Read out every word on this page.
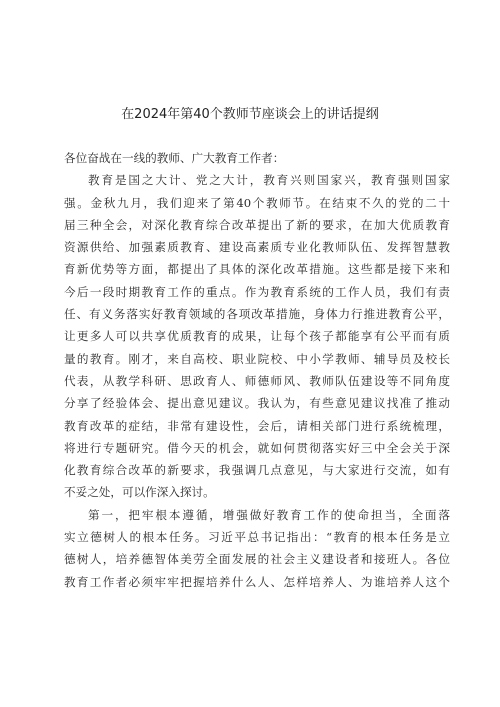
在2024年第40个教师节座谈会上的讲话提纲
各位奋战在一线的教师、广大教育工作者：
教育是国之大计、党之大计，教育兴则国家兴，教育强则国家
强。金秋九月，我们迎来了第40个教师节。在结束不久的党的二十
届三种全会，对深化教育综合改革提出了新的要求，在加大优质教育
资源供给、加强素质教育、建设高素质专业化教师队伍、发挥智慧教
育新优势等方面，都提出了具体的深化改革措施。这些都是接下来和
今后一段时期教育工作的重点。作为教育系统的工作人员，我们有责
任、有义务落实好教育领域的各项改革措施，身体力行推进教育公平，
让更多人可以共享优质教育的成果，让每个孩子都能享有公平而有质
量的教育。刚才，来自高校、职业院校、中小学教师、辅导员及校长
代表，从教学科研、思政育人、师德师风、教师队伍建设等不同角度
分享了经验体会、提出意见建议。我认为，有些意见建议找准了推动
教育改革的症结，非常有建设性，会后，请相关部门进行系统梳理，
将进行专题研究。借今天的机会，就如何贯彻落实好三中全会关于深
化教育综合改革的新要求，我强调几点意见，与大家进行交流，如有
不妥之处，可以作深入探讨。
第一，把牢根本遵循，增强做好教育工作的使命担当，全面落
实立德树人的根本任务。习近平总书记指出：“教育的根本任务是立
德树人，培养德智体美劳全面发展的社会主义建设者和接班人。各位
教育工作者必须牢牢把握培养什么人、怎样培养人、为谁培养人这个
